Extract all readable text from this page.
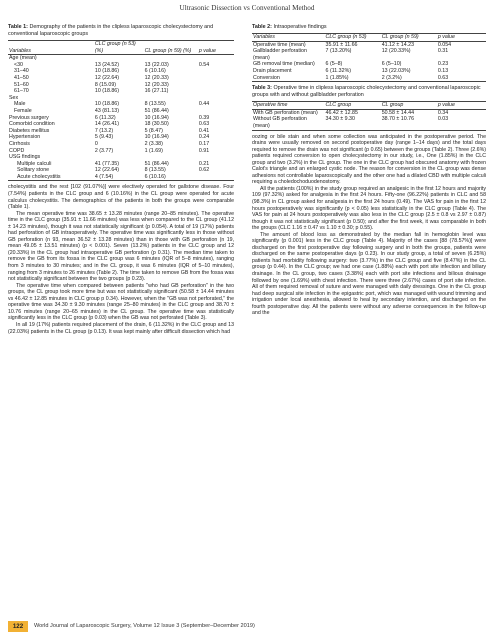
Ultrasonic Dissection vs Conventional Method
Table 1: Demography of the patients in the clipless laparoscopic cholecystectomy and conventional laparoscopic groups
Variables	CLC group (n 53) (%)	CL group (n 59) (%)	p value
Age (mean)			
<30	13 (24.52)	13 (22.03)	0.54
31–40	10 (18.86)	6 (10.16)	
41–50	12 (22.64)	12 (20.33)	
51–60	8 (15.09)	12 (20.33)	
61–70	10 (18.86)	16 (27.11)	
Sex			
Male	10 (18.86)	8 (13.55)	0.44
Female	43 (81.13)	51 (86.44)	
Previous surgery	6 (11.32)	10 (16.94)	0.39
Comorbid condition	14 (26.41)	18 (30.50)	0.63
Diabetes mellitus	7 (13.2)	5 (8.47)	0.41
Hypertension	5 (9.43)	10 (16.94)	0.24
Cirrhosis	0	2 (3.38)	0.17
COPD	2 (3.77)	1 (1.69)	0.91
USG findings			
Multiple calculi	41 (77.35)	51 (86.44)	0.21
Solitary stone	12 (22.64)	8 (13.55)	0.62
Acute cholecystitis	4 (7.54)	6 (10.16)	

cholecystitis and the rest [102 (91.07%)] were electively operated for gallstone disease. Four (7.54%) patients in the CLC group and 6 (10.16%) in the CL group were operated for acute calculus cholecystitis. The demographics of the patients in both the groups were comparable (Table 1).

The mean operative time was 38.65 ± 13.28 minutes (range 20–85 minutes). The operative time in the CLC group (35.91 ± 11.66 minutes) was less when compared to the CL group (41.12 ± 14.23 minutes), though it was not statistically significant (p 0.054). A total of 19 (17%) patients had perforation of GB intraoperatively. The operative time was significantly less in those without GB perforation (n 93, mean 36.52 ± 13.28 minutes) than in those with GB perforation (n 19, mean 49.05 ± 13.51 minutes) (p < 0.001). Seven (13.2%) patients in the CLC group and 12 (20.33%) in the CL group had intraoperative GB perforation (p 0.31). The median time taken to remove the GB from its fossa in the CLC group was 6 minutes (IQR of 5–8 minutes), ranging from 3 minutes to 30 minutes; and in the CL group, it was 6 minutes (IQR of 5–10 minutes), ranging from 3 minutes to 26 minutes (Table 2). The time taken to remove GB from the fossa was not statistically significant between the two groups (p 0.23).

The operative time when compared between patients "who had GB perforation" in the two groups, the CL group took more time but was not statistically significant (50.58 ± 14.44 minutes vs 46.42 ± 12.85 minutes in CLC group p 0.34). However, when the "GB was not perforated," the operative time was 34.30 ± 9.30 minutes (range 25–80 minutes) in the CLC group and 38.70 ± 10.76 minutes (range 20–65 minutes) in the CL group. The operative time was statistically significantly less in the CLC group (p 0.03) when the GB was not perforated (Table 3).

In all 19 (17%) patients required placement of the drain, 6 (11.32%) in the CLC group and 13 (22.03%) patients in the CL group (p 0.13). It was kept mainly after difficult dissection which had

Table 2: Intraoperative findings
Variables	CLC group (n 53)	CL group (n 59)	p value
Operative time (mean)	35.91 ± 11.66	41.12 ± 14.23	0.054
Gallbladder perforation (mean)	7 (13.20%)	12 (20.33%)	0.31
GB removal time (median)	6 (5–8)	6 (5–10)	0.23
Drain placement	6 (11.32%)	13 (22.03%)	0.13
Conversion	1 (1.85%)	2 (3.2%)	0.63
Table 3: Operative time in clipless laparoscopic cholecystectomy and conventional laparoscopic groups with and without gallbladder perforation
Operative time	CLC group	CL group	p value
With GB perforation (mean)	46.42 ± 12.85	50.58 ± 14.44	0.34
Without GB perforation (mean)	34.30 ± 9.30	38.70 ± 10.76	0.03

oozing or bile stain and when some collection was anticipated in the postoperative period. The drains were usually removed on second postoperative day (range 1–14 days) and the total days required to remove the drain was not significant (p 0.65) between the groups (Table 2). Three (2.6%) patients required conversion to open cholecystectomy in our study, i.e., One (1.85%) in the CLC group and two (3.2%) in the CL group. The one in the CLC group had obscured anatomy with frozen Calot's triangle and an enlarged cystic node. The reason for conversion in the CL group was dense adhesions not controllable laparoscopically and the other one had a dilated CBD with multiple calculi requiring a choledochoduodenostomy.

All the patients (100%) in the study group required an analgesic in the first 12 hours and majority 109 (97.32%) asked for analgesia in the first 24 hours. Fifty-one (96.22%) patients in CLC and 58 (98.3%) in CL group asked for analgesia in the first 24 hours (0.49). The VAS for pain in the first 12 hours postoperatively was significantly (p < 0.05) less statistically in the CLC group (Table 4). The VAS for pain at 24 hours postoperatively was also less in the CLC group (2.5 ± 0.8 vs 2.97 ± 0.87) though it was not statistically significant (p 0.50); and after the first week, it was comparable in both the groups (CLC 1.16 ± 0.47 vs 1.10 ± 0.30; p 0.55).

The amount of blood loss as demonstrated by the median fall in hemoglobin level was significantly (p 0.001) less in the CLC group (Table 4). Majority of the cases [88 (78.57%)] were discharged on the first postoperative day following surgery and in both the groups, patients were discharged on the same postoperative days (p 0.23). In our study group, a total of seven (6.25%) patients had morbidity following surgery: two (3.77%) in the CLC group and five (8.47%) in the CL group (p 0.44). In the CLC group; we had one case (1.88%) each with port site infection and biliary drainage. In the CL group, two cases (3.38%) each with port site infections and bilious drainage followed by one (1.69%) with chest infection. There were three (2.67%) cases of port site infection. All of them required removal of suture and were managed with daily dressings. One in the CL group had deep surgical site infection in the epigastric port, which was managed with wound trimming and irrigation under local anesthesia, allowed to heal by secondary intention, and discharged on the fourth postoperative day. All the patients were without any adverse consequences in the follow-up and the

122	World Journal of Laparoscopic Surgery, Volume 12 Issue 3 (September–December 2019)
